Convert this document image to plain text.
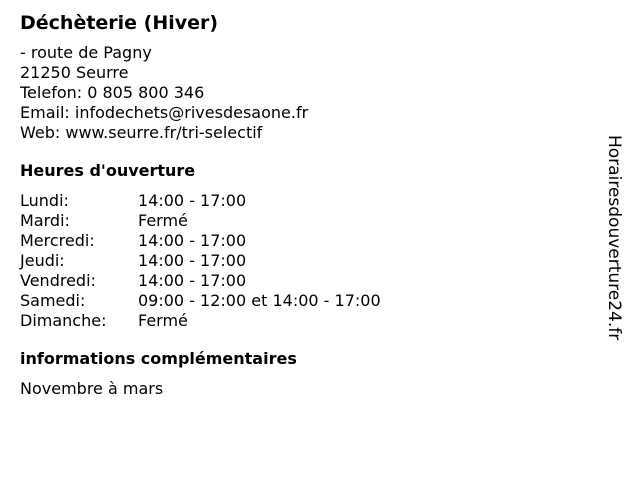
Déchèterie (Hiver)
- route de Pagny
21250 Seurre
Telefon: 0 805 800 346
Email: infodechets@rivesdesaone.fr
Web: www.seurre.fr/tri-selectif
Heures d'ouverture
Lundi:	14:00 - 17:00
Mardi:	Fermé
Mercredi:	14:00 - 17:00
Jeudi:	14:00 - 17:00
Vendredi:	14:00 - 17:00
Samedi:	09:00 - 12:00 et 14:00 - 17:00
Dimanche:	Fermé
informations complémentaires
Novembre à mars
Horairesdouverture24.fr
